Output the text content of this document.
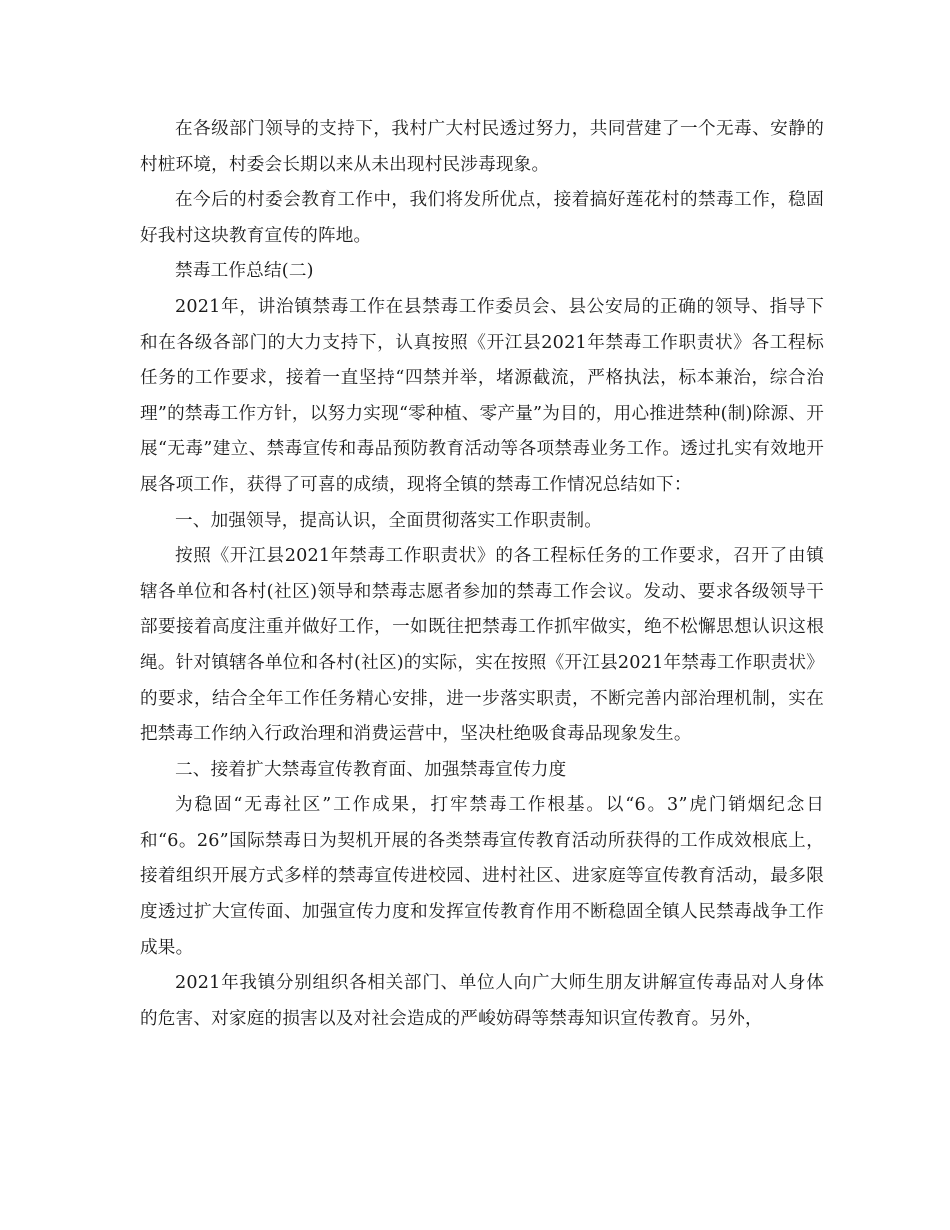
在各级部门领导的支持下，我村广大村民透过努力，共同营建了一个无毒、安静的村桩环境，村委会长期以来从未出现村民涉毒现象。

在今后的村委会教育工作中，我们将发所优点，接着搞好莲花村的禁毒工作，稳固好我村这块教育宣传的阵地。

禁毒工作总结(二)

2021年，讲治镇禁毒工作在县禁毒工作委员会、县公安局的正确的领导、指导下和在各级各部门的大力支持下，认真按照《开江县2021年禁毒工作职责状》各工程标任务的工作要求，接着一直坚持“四禁并举，堵源截流，严格执法，标本兼治，综合治理”的禁毒工作方针，以努力实现“零种植、零产量”为目的，用心推进禁种(制)除源、开展“无毒”建立、禁毒宣传和毒品预防教育活动等各项禁毒业务工作。透过扎实有效地开展各项工作，获得了可喜的成绩，现将全镇的禁毒工作情况总结如下：

一、加强领导，提高认识，全面贯彻落实工作职责制。

按照《开江县2021年禁毒工作职责状》的各工程标任务的工作要求，召开了由镇辖各单位和各村(社区)领导和禁毒志愿者参加的禁毒工作会议。发动、要求各级领导干部要接着高度注重并做好工作，一如既往把禁毒工作抓牢做实，绝不松懈思想认识这根绳。针对镇辖各单位和各村(社区)的实际，实在按照《开江县2021年禁毒工作职责状》的要求，结合全年工作任务精心安排，进一步落实职责，不断完善内部治理机制，实在把禁毒工作纳入行政治理和消费运营中，坚决杜绝吸食毒品现象发生。

二、接着扩大禁毒宣传教育面、加强禁毒宣传力度

为稳固“无毒社区”工作成果，打牢禁毒工作根基。以“6。3”虎门销烟纪念日和“6。26”国际禁毒日为契机开展的各类禁毒宣传教育活动所获得的工作成效根底上，接着组织开展方式多样的禁毒宣传进校园、进村社区、进家庭等宣传教育活动，最多限度透过扩大宣传面、加强宣传力度和发挥宣传教育作用不断稳固全镇人民禁毒战争工作成果。

2021年我镇分别组织各相关部门、单位人向广大师生朋友讲解宣传毒品对人身体的危害、对家庭的损害以及对社会造成的严峻妨碍等禁毒知识宣传教育。另外，
